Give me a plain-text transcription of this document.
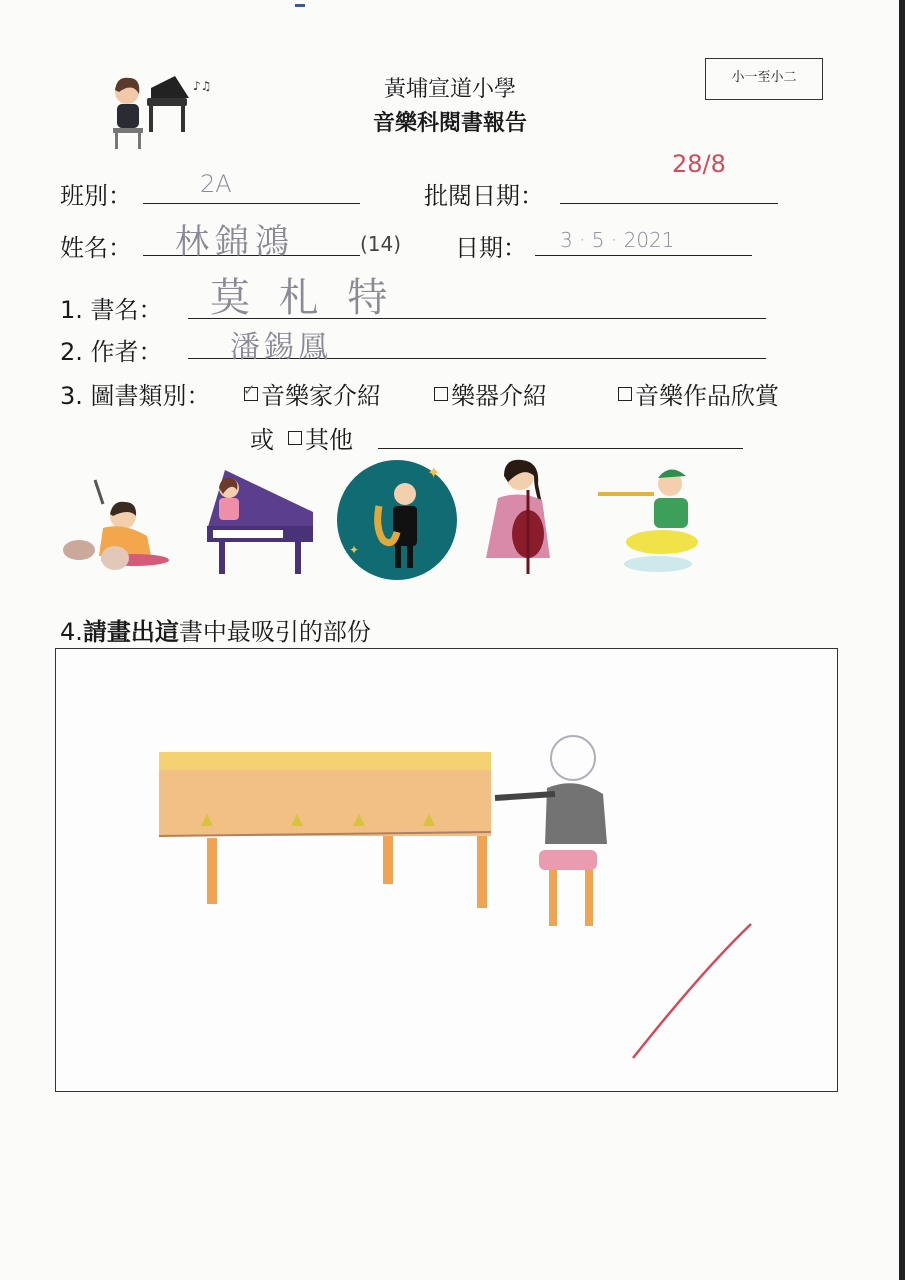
♪♫
小一至小二
黃埔宣道小學
音樂科閱書報告
班別：	2A	批閱日期：
28/8
姓名： 林錦鴻	(14) 日期： 3 · 5 · 2021
1. 書名： 莫 札 特
2. 作者： 潘錫鳳
3. 圖書類別： ✓ 音樂家介紹	樂器介紹	音樂作品欣賞
或	其他
✦
✦
4.請畫出這書中最吸引的部份
